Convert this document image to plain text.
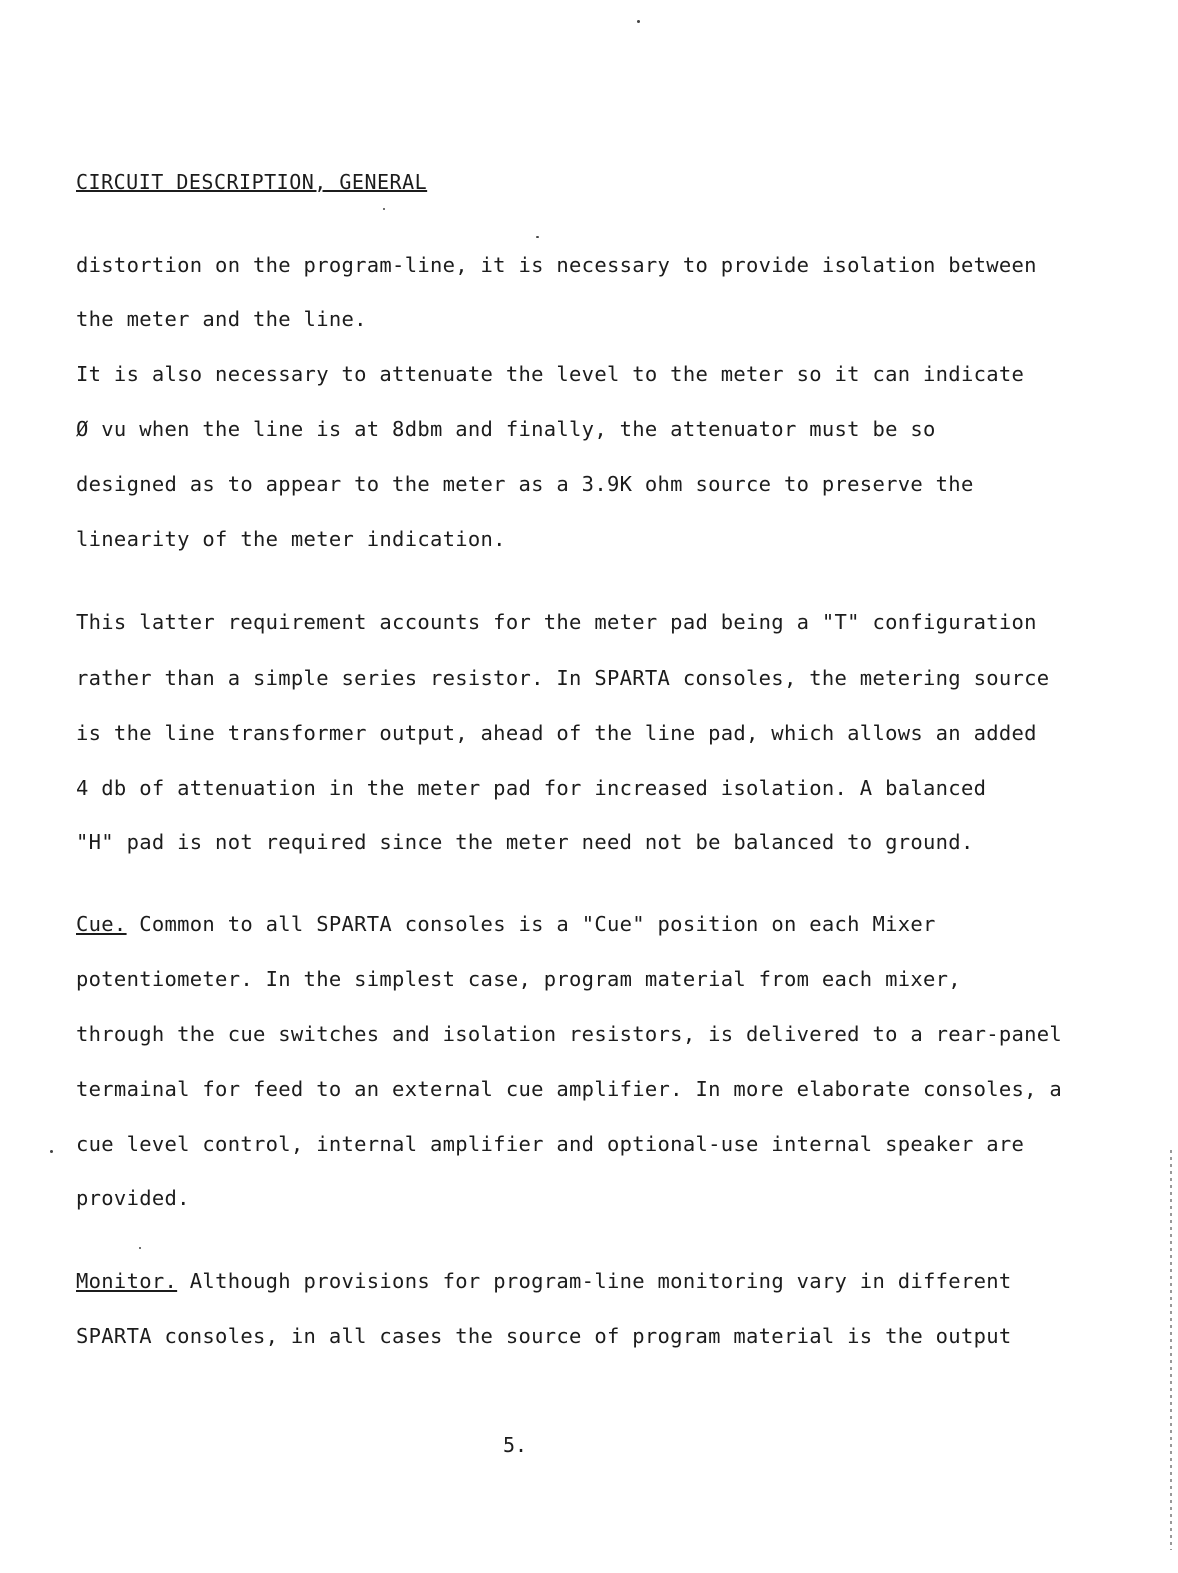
CIRCUIT DESCRIPTION, GENERAL
distortion on the program-line, it is necessary to provide isolation between
the meter and the line.
It is also necessary to attenuate the level to the meter so it can indicate
Ø vu when the line is at 8dbm and finally, the attenuator must be so
designed as to appear to the meter as a 3.9K ohm source to preserve the
linearity of the meter indication.
This latter requirement accounts for the meter pad being a "T" configuration
rather than a simple series resistor. In SPARTA consoles, the metering source
is the line transformer output, ahead of the line pad, which allows an added
4 db of attenuation in the meter pad for increased isolation. A balanced
"H" pad is not required since the meter need not be balanced to ground.
Cue. Common to all SPARTA consoles is a "Cue" position on each Mixer
potentiometer. In the simplest case, program material from each mixer,
through the cue switches and isolation resistors, is delivered to a rear-panel
termainal for feed to an external cue amplifier. In more elaborate consoles, a
cue level control, internal amplifier and optional-use internal speaker are
provided.
Monitor. Although provisions for program-line monitoring vary in different
SPARTA consoles, in all cases the source of program material is the output
5.
